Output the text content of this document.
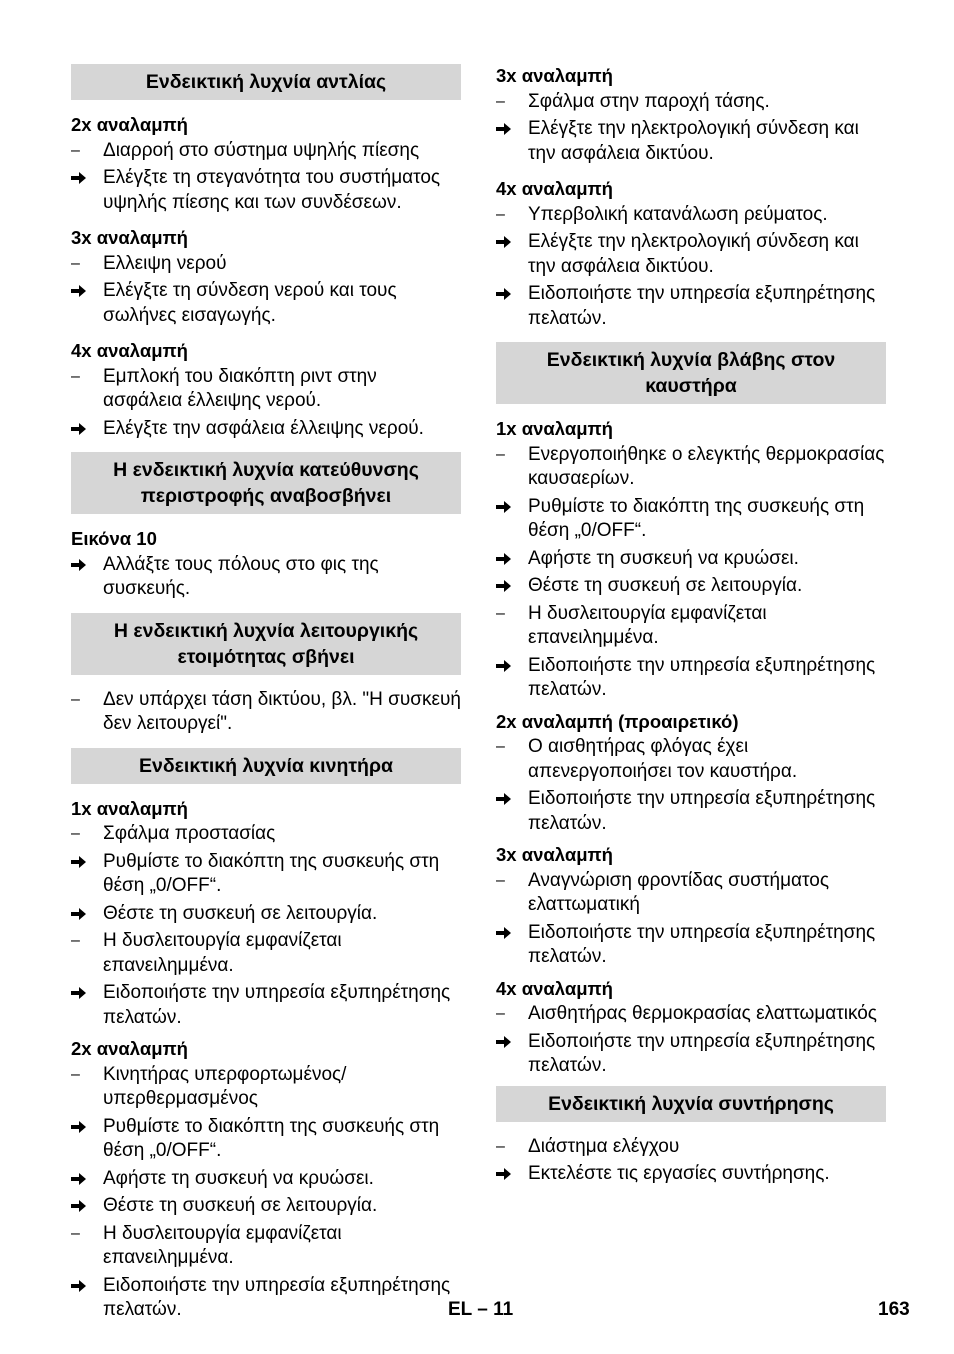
Ενδεικτική λυχνία αντλίας
2x αναλαμπή
–	Διαρροή στο σύστημα υψηλής πίεσης
Ελέγξτε τη στεγανότητα του συστήματος υψηλής πίεσης και των συνδέσεων.
3x αναλαμπή
–	Ελλειψη νερού
Ελέγξτε τη σύνδεση νερού και τους σωλήνες εισαγωγής.
4x αναλαμπή
–	Εμπλοκή του διακόπτη ριντ στην ασφάλεια έλλειψης νερού.
Ελέγξτε την ασφάλεια έλλειψης νερού.
Η ενδεικτική λυχνία κατεύθυνσης περιστροφής αναβοσβήνει
Εικόνα 10
Αλλάξτε τους πόλους στο φις της συσκευής.
Η ενδεικτική λυχνία λειτουργικής ετοιμότητας σβήνει
–	Δεν υπάρχει τάση δικτύου, βλ. "Η συσκευή δεν λειτουργεί".
Ενδεικτική λυχνία κινητήρα
1x αναλαμπή
–	Σφάλμα προστασίας
Ρυθμίστε το διακόπτη της συσκευής στη θέση „0/OFF“.
Θέστε τη συσκευή σε λειτουργία.
–	Η δυσλειτουργία εμφανίζεται επανειλημμένα.
Ειδοποιήστε την υπηρεσία εξυπηρέτησης πελατών.
2x αναλαμπή
–	Κινητήρας υπερφορτωμένος/υπερθερμασμένος
Ρυθμίστε το διακόπτη της συσκευής στη θέση „0/OFF“.
Αφήστε τη συσκευή να κρυώσει.
Θέστε τη συσκευή σε λειτουργία.
–	Η δυσλειτουργία εμφανίζεται επανειλημμένα.
Ειδοποιήστε την υπηρεσία εξυπηρέτησης πελατών.
3x αναλαμπή
–	Σφάλμα στην παροχή τάσης.
Ελέγξτε την ηλεκτρολογική σύνδεση και την ασφάλεια δικτύου.
4x αναλαμπή
–	Υπερβολική κατανάλωση ρεύματος.
Ελέγξτε την ηλεκτρολογική σύνδεση και την ασφάλεια δικτύου.
Ειδοποιήστε την υπηρεσία εξυπηρέτησης πελατών.
Ενδεικτική λυχνία βλάβης στον καυστήρα
1x αναλαμπή
–	Ενεργοποιήθηκε ο ελεγκτής θερμοκρασίας καυσαερίων.
Ρυθμίστε το διακόπτη της συσκευής στη θέση „0/OFF“.
Αφήστε τη συσκευή να κρυώσει.
Θέστε τη συσκευή σε λειτουργία.
–	Η δυσλειτουργία εμφανίζεται επανειλημμένα.
Ειδοποιήστε την υπηρεσία εξυπηρέτησης πελατών.
2x αναλαμπή (προαιρετικό)
–	Ο αισθητήρας φλόγας έχει απενεργοποιήσει τον καυστήρα.
Ειδοποιήστε την υπηρεσία εξυπηρέτησης πελατών.
3x αναλαμπή
–	Αναγνώριση φροντίδας συστήματος ελαττωματική
Ειδοποιήστε την υπηρεσία εξυπηρέτησης πελατών.
4x αναλαμπή
–	Αισθητήρας θερμοκρασίας ελαττωματικός
Ειδοποιήστε την υπηρεσία εξυπηρέτησης πελατών.
Ενδεικτική λυχνία συντήρησης
–	Διάστημα ελέγχου
Εκτελέστε τις εργασίες συντήρησης.
EL – 11	163
